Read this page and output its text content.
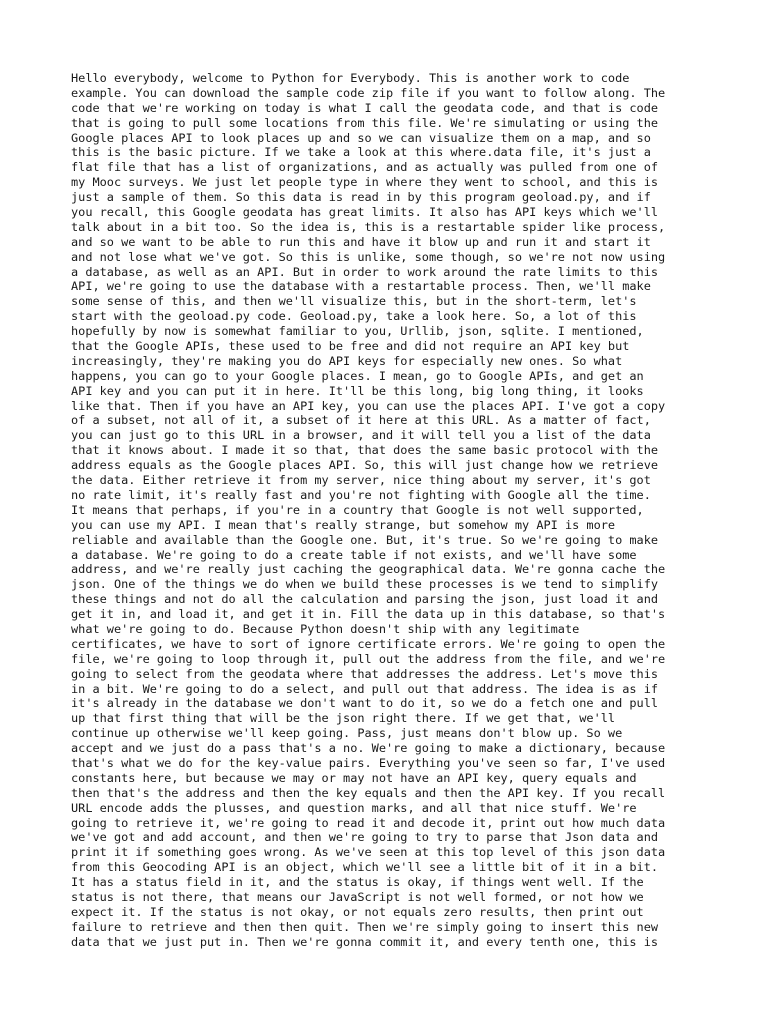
Hello everybody, welcome to Python for Everybody. This is another work to code
example. You can download the sample code zip file if you want to follow along. The
code that we're working on today is what I call the geodata code, and that is code
that is going to pull some locations from this file. We're simulating or using the
Google places API to look places up and so we can visualize them on a map, and so
this is the basic picture. If we take a look at this where.data file, it's just a
flat file that has a list of organizations, and as actually was pulled from one of
my Mooc surveys. We just let people type in where they went to school, and this is
just a sample of them. So this data is read in by this program geoload.py, and if
you recall, this Google geodata has great limits. It also has API keys which we'll
talk about in a bit too. So the idea is, this is a restartable spider like process,
and so we want to be able to run this and have it blow up and run it and start it
and not lose what we've got. So this is unlike, some though, so we're not now using
a database, as well as an API. But in order to work around the rate limits to this
API, we're going to use the database with a restartable process. Then, we'll make
some sense of this, and then we'll visualize this, but in the short-term, let's
start with the geoload.py code. Geoload.py, take a look here. So, a lot of this
hopefully by now is somewhat familiar to you, Urllib, json, sqlite. I mentioned,
that the Google APIs, these used to be free and did not require an API key but
increasingly, they're making you do API keys for especially new ones. So what
happens, you can go to your Google places. I mean, go to Google APIs, and get an
API key and you can put it in here. It'll be this long, big long thing, it looks
like that. Then if you have an API key, you can use the places API. I've got a copy
of a subset, not all of it, a subset of it here at this URL. As a matter of fact,
you can just go to this URL in a browser, and it will tell you a list of the data
that it knows about. I made it so that, that does the same basic protocol with the
address equals as the Google places API. So, this will just change how we retrieve
the data. Either retrieve it from my server, nice thing about my server, it's got
no rate limit, it's really fast and you're not fighting with Google all the time.
It means that perhaps, if you're in a country that Google is not well supported,
you can use my API. I mean that's really strange, but somehow my API is more
reliable and available than the Google one. But, it's true. So we're going to make
a database. We're going to do a create table if not exists, and we'll have some
address, and we're really just caching the geographical data. We're gonna cache the
json. One of the things we do when we build these processes is we tend to simplify
these things and not do all the calculation and parsing the json, just load it and
get it in, and load it, and get it in. Fill the data up in this database, so that's
what we're going to do. Because Python doesn't ship with any legitimate
certificates, we have to sort of ignore certificate errors. We're going to open the
file, we're going to loop through it, pull out the address from the file, and we're
going to select from the geodata where that addresses the address. Let's move this
in a bit. We're going to do a select, and pull out that address. The idea is as if
it's already in the database we don't want to do it, so we do a fetch one and pull
up that first thing that will be the json right there. If we get that, we'll
continue up otherwise we'll keep going. Pass, just means don't blow up. So we
accept and we just do a pass that's a no. We're going to make a dictionary, because
that's what we do for the key-value pairs. Everything you've seen so far, I've used
constants here, but because we may or may not have an API key, query equals and
then that's the address and then the key equals and then the API key. If you recall
URL encode adds the plusses, and question marks, and all that nice stuff. We're
going to retrieve it, we're going to read it and decode it, print out how much data
we've got and add account, and then we're going to try to parse that Json data and
print it if something goes wrong. As we've seen at this top level of this json data
from this Geocoding API is an object, which we'll see a little bit of it in a bit.
It has a status field in it, and the status is okay, if things went well. If the
status is not there, that means our JavaScript is not well formed, or not how we
expect it. If the status is not okay, or not equals zero results, then print out
failure to retrieve and then then quit. Then we're simply going to insert this new
data that we just put in. Then we're gonna commit it, and every tenth one, this is
